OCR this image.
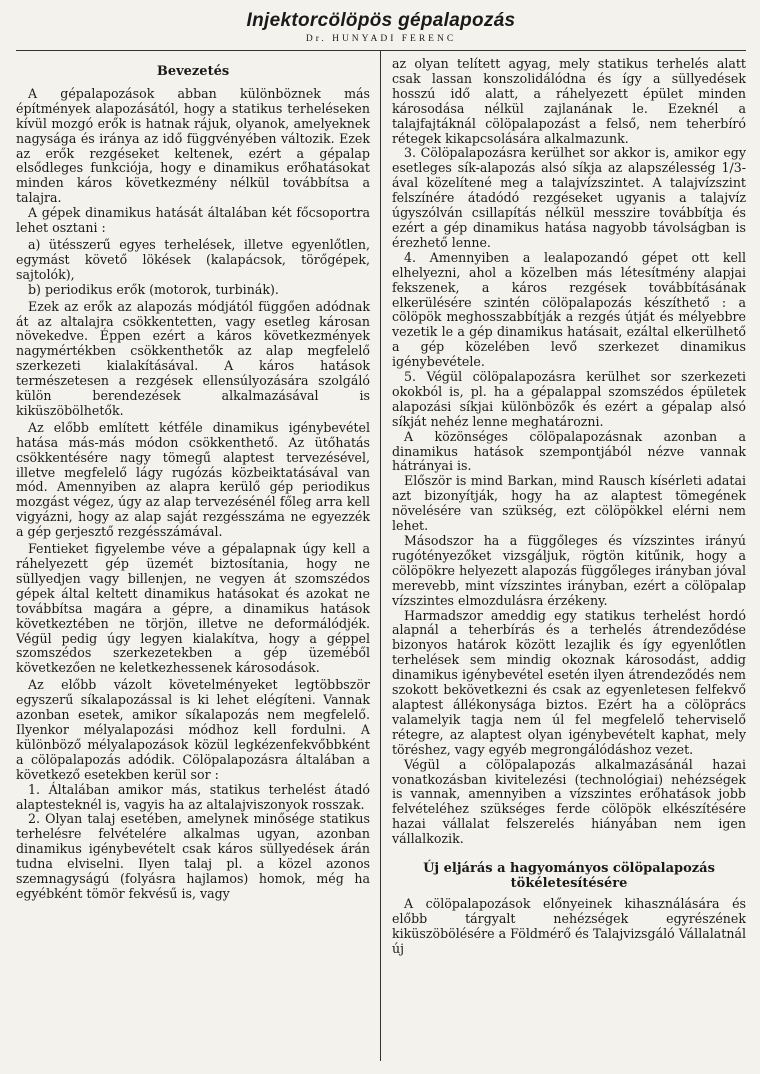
Injektorcölöpös gépalapozás
Dr. HUNYADI FERENC
Bevezetés

A gépalapozások abban különböznek más építmények alapozásától, hogy a statikus terheléseken kívül mozgó erők is hatnak rájuk, olyanok, amelyeknek nagysága és iránya az idő függvényében változik. Ezek az erők rezgéseket keltenek, ezért a gépalap elsődleges funkciója, hogy e dinamikus erőhatásokat minden káros következmény nélkül továbbítsa a talajra.

A gépek dinamikus hatását általában két főcsoportra lehet osztani :

a) ütésszerű egyes terhelések, illetve egyenlőtlen, egymást követő lökések (kalapácsok, törőgépek, sajtolók),

b) periodikus erők (motorok, turbinák).

Ezek az erők az alapozás módjától függően adódnak át az altalajra csökkentetten, vagy esetleg károsan növekedve. Éppen ezért a káros következmények nagymértékben csökkenthetők az alap megfelelő szerkezeti kialakításával. A káros hatások természetesen a rezgések ellensúlyozására szolgáló külön berendezések alkalmazásával is kiküszöbölhetők.

Az előbb említett kétféle dinamikus igénybevétel hatása más-más módon csökkenthető. Az ütőhatás csökkentésére nagy tömegű alaptest tervezésével, illetve megfelelő lágy rugózás közbeiktatásával van mód. Amennyiben az alapra kerülő gép periodikus mozgást végez, úgy az alap tervezésénél főleg arra kell vigyázni, hogy az alap saját rezgésszáma ne egyezzék a gép gerjesztő rezgésszámával.

Fentieket figyelembe véve a gépalapnak úgy kell a ráhelyezett gép üzemét biztosítania, hogy ne süllyedjen vagy billenjen, ne vegyen át szomszédos gépek által keltett dinamikus hatásokat és azokat ne továbbítsa magára a gépre, a dinamikus hatások következtében ne törjön, illetve ne deformálódjék. Végül pedig úgy legyen kialakítva, hogy a géppel szomszédos szerkezetekben a gép üzeméből következően ne keletkezhessenek károsodások.

Az előbb vázolt követelményeket legtöbbször egyszerű síkalapozással is ki lehet elégíteni. Vannak azonban esetek, amikor síkalapozás nem megfelelő. Ilyenkor mélyalapozási módhoz kell fordulni. A különböző mélyalapozások közül legkézenfekvőbbként a cölöpalapozás adódik. Cölöpalapozásra általában a következő esetekben kerül sor :

1. Általában amikor más, statikus terhelést átadó alaptesteknél is, vagyis ha az altalajviszonyok rosszak.

2. Olyan talaj esetében, amelynek minősége statikus terhelésre felvételére alkalmas ugyan, azonban dinamikus igénybevételt csak káros süllyedések árán tudna elviselni. Ilyen talaj pl. a közel azonos szemnagyságú (folyásra hajlamos) homok, még ha egyébként tömör fekvésű is, vagy

az olyan telített agyag, mely statikus terhelés alatt csak lassan konszolidálódna és így a süllyedések hosszú idő alatt, a ráhelyezett épület minden károsodása nélkül zajlanának le. Ezeknél a talajfajtáknál cölöpalapozást a felső, nem teherbíró rétegek kikapcsolására alkalmazunk.

3. Cölöpalapozásra kerülhet sor akkor is, amikor egy esetleges sík-alapozás alsó síkja az alapszélesség 1/3-ával közelítené meg a talajvízszintet. A talajvízszint felszínére átadódó rezgéseket ugyanis a talajvíz úgyszólván csillapítás nélkül messzire továbbítja és ezért a gép dinamikus hatása nagyobb távolságban is érezhető lenne.

4. Amennyiben a lealapozandó gépet ott kell elhelyezni, ahol a közelben más létesítmény alapjai fekszenek, a káros rezgések továbbításának elkerülésére szintén cölöpalapozás készíthető : a cölöpök meghosszabbítják a rezgés útját és mélyebbre vezetik le a gép dinamikus hatásait, ezáltal elkerülhető a gép közelében levő szerkezet dinamikus igénybevétele.

5. Végül cölöpalapozásra kerülhet sor szerkezeti okokból is, pl. ha a gépalappal szomszédos épületek alapozási síkjai különbözők és ezért a gépalap alsó síkját nehéz lenne meghatározni.

A közönséges cölöpalapozásnak azonban a dinamikus hatások szempontjából nézve vannak hátrányai is.

Először is mind Barkan, mind Rausch kísérleti adatai azt bizonyítják, hogy ha az alaptest tömegének növelésére van szükség, ezt cölöpökkel elérni nem lehet.

Másodszor ha a függőleges és vízszintes irányú rugótényezőket vizsgáljuk, rögtön kitűnik, hogy a cölöpökre helyezett alapozás függőleges irányban jóval merevebb, mint vízszintes irányban, ezért a cölöpalap vízszintes elmozdulásra érzékeny.

Harmadszor ameddig egy statikus terhelést hordó alapnál a teherbírás és a terhelés átrendeződése bizonyos határok között lezajlik és így egyenlőtlen terhelések sem mindig okoznak károsodást, addig dinamikus igénybevétel esetén ilyen átrendeződés nem szokott bekövetkezni és csak az egyenletesen felfekvő alaptest állékonysága biztos. Ezért ha a cölöprács valamelyik tagja nem úl fel megfelelő teherviselő rétegre, az alaptest olyan igénybevételt kaphat, mely töréshez, vagy egyéb megrongálódáshoz vezet.

Végül a cölöpalapozás alkalmazásánál hazai vonatkozásban kivitelezési (technológiai) nehézségek is vannak, amennyiben a vízszintes erőhatások jobb felvételéhez szükséges ferde cölöpök elkészítésére hazai vállalat felszerelés hiányában nem igen vállalkozik.

Új eljárás a hagyományos cölöpalapozás tökéletesítésére

A cölöpalapozások előnyeinek kihasználására és előbb tárgyalt nehézségek egyrészének kiküszöbölésére a Földmérő és Talajvizsgáló Vállalatnál új
